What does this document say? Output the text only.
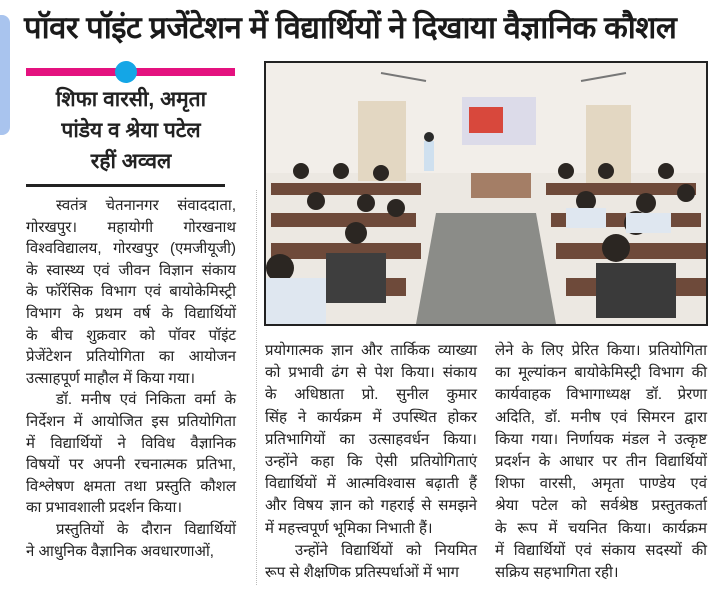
पॉवर पॉइंट प्रजेंटेशन में विद्यार्थियों ने दिखाया वैज्ञानिक कौशल
शिफा वारसी, अमृता
पांडेय व श्रेया पटेल
रहीं अव्वल
स्वतंत्र चेतनानगर संवाददाता,
गोरखपुर। महायोगी गोरखनाथ
विश्वविद्यालय, गोरखपुर (एमजीयूजी)
के स्वास्थ्य एवं जीवन विज्ञान संकाय
के फॉरेंसिक विभाग एवं बायोकेमिस्ट्री
विभाग के प्रथम वर्ष के विद्यार्थियों
के बीच शुक्रवार को पॉवर पॉइंट
प्रेजेंटेशन प्रतियोगिता का आयोजन
उत्साहपूर्ण माहौल में किया गया।
डॉ. मनीष एवं निकिता वर्मा के
निर्देशन में आयोजित इस प्रतियोगिता
में विद्यार्थियों ने विविध वैज्ञानिक
विषयों पर अपनी रचनात्मक प्रतिभा,
विश्लेषण क्षमता तथा प्रस्तुति कौशल
का प्रभावशाली प्रदर्शन किया।
प्रस्तुतियों के दौरान विद्यार्थियों
ने आधुनिक वैज्ञानिक अवधारणाओं,
प्रयोगात्मक ज्ञान और तार्किक व्याख्या
को प्रभावी ढंग से पेश किया। संकाय
के अधिष्ठाता प्रो. सुनील कुमार
सिंह ने कार्यक्रम में उपस्थित होकर
प्रतिभागियों का उत्साहवर्धन किया।
उन्होंने कहा कि ऐसी प्रतियोगिताएं
विद्यार्थियों में आत्मविश्वास बढ़ाती हैं
और विषय ज्ञान को गहराई से समझने
में महत्त्वपूर्ण भूमिका निभाती हैं।
उन्होंने विद्यार्थियों को नियमित
रूप से शैक्षणिक प्रतिस्पर्धाओं में भाग
लेने के लिए प्रेरित किया। प्रतियोगिता
का मूल्यांकन बायोकेमिस्ट्री विभाग की
कार्यवाहक विभागाध्यक्ष डॉ. प्रेरणा
अदिति, डॉ. मनीष एवं सिमरन द्वारा
किया गया। निर्णायक मंडल ने उत्कृष्ट
प्रदर्शन के आधार पर तीन विद्यार्थियों
शिफा वारसी, अमृता पाण्डेय एवं
श्रेया पटेल को सर्वश्रेष्ठ प्रस्तुतकर्ता
के रूप में चयनित किया। कार्यक्रम
में विद्यार्थियों एवं संकाय सदस्यों की
सक्रिय सहभागिता रही।
